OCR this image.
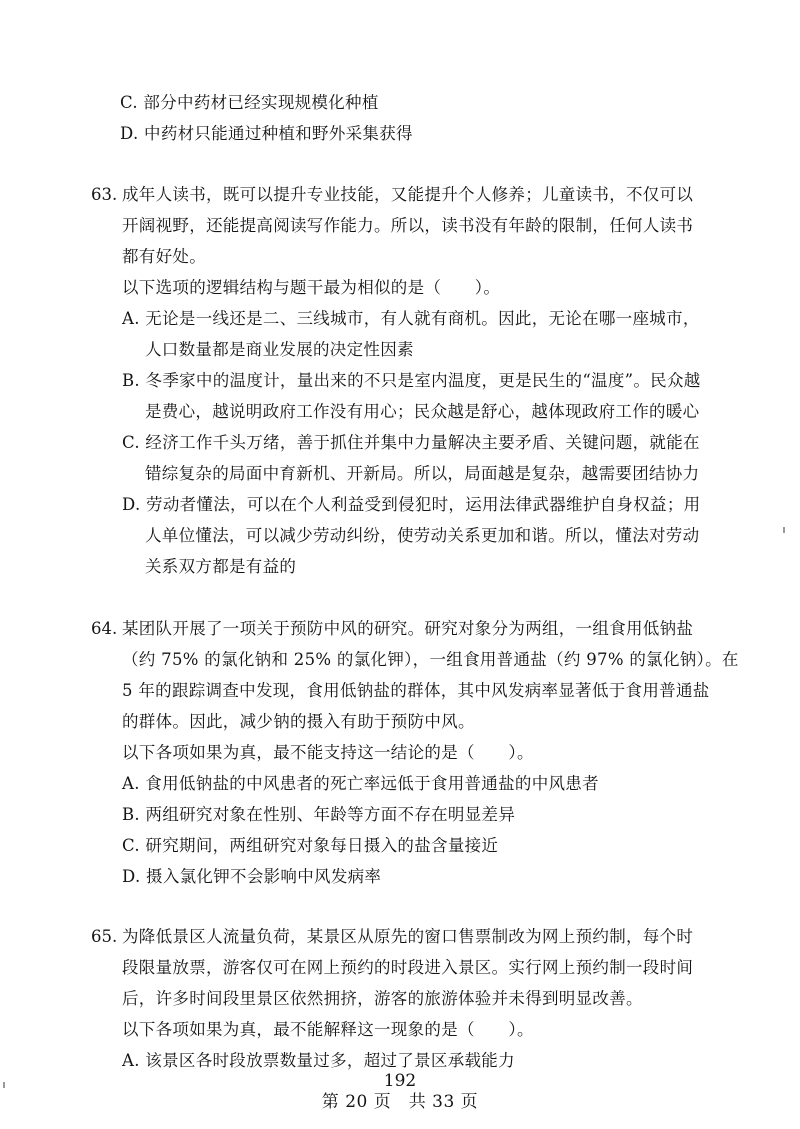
C. 部分中药材已经实现规模化种植
D. 中药材只能通过种植和野外采集获得
63. 成年人读书，既可以提升专业技能，又能提升个人修养；儿童读书，不仅可以
开阔视野，还能提高阅读写作能力。所以，读书没有年龄的限制，任何人读书
都有好处。
以下选项的逻辑结构与题干最为相似的是（　　）。
A. 无论是一线还是二、三线城市，有人就有商机。因此，无论在哪一座城市，
人口数量都是商业发展的决定性因素
B. 冬季家中的温度计，量出来的不只是室内温度，更是民生的“温度”。民众越
是费心，越说明政府工作没有用心；民众越是舒心，越体现政府工作的暖心
C. 经济工作千头万绪，善于抓住并集中力量解决主要矛盾、关键问题，就能在
错综复杂的局面中育新机、开新局。所以，局面越是复杂，越需要团结协力
D. 劳动者懂法，可以在个人利益受到侵犯时，运用法律武器维护自身权益；用
人单位懂法，可以减少劳动纠纷，使劳动关系更加和谐。所以，懂法对劳动
关系双方都是有益的
64. 某团队开展了一项关于预防中风的研究。研究对象分为两组，一组食用低钠盐
（约 75% 的氯化钠和 25% 的氯化钾），一组食用普通盐（约 97% 的氯化钠）。在
5 年的跟踪调查中发现，食用低钠盐的群体，其中风发病率显著低于食用普通盐
的群体。因此，减少钠的摄入有助于预防中风。
以下各项如果为真，最不能支持这一结论的是（　　）。
A. 食用低钠盐的中风患者的死亡率远低于食用普通盐的中风患者
B. 两组研究对象在性别、年龄等方面不存在明显差异
C. 研究期间，两组研究对象每日摄入的盐含量接近
D. 摄入氯化钾不会影响中风发病率
65. 为降低景区人流量负荷，某景区从原先的窗口售票制改为网上预约制，每个时
段限量放票，游客仅可在网上预约的时段进入景区。实行网上预约制一段时间
后，许多时间段里景区依然拥挤，游客的旅游体验并未得到明显改善。
以下各项如果为真，最不能解释这一现象的是（　　）。
A. 该景区各时段放票数量过多，超过了景区承载能力
192
第 20 页　共 33 页
